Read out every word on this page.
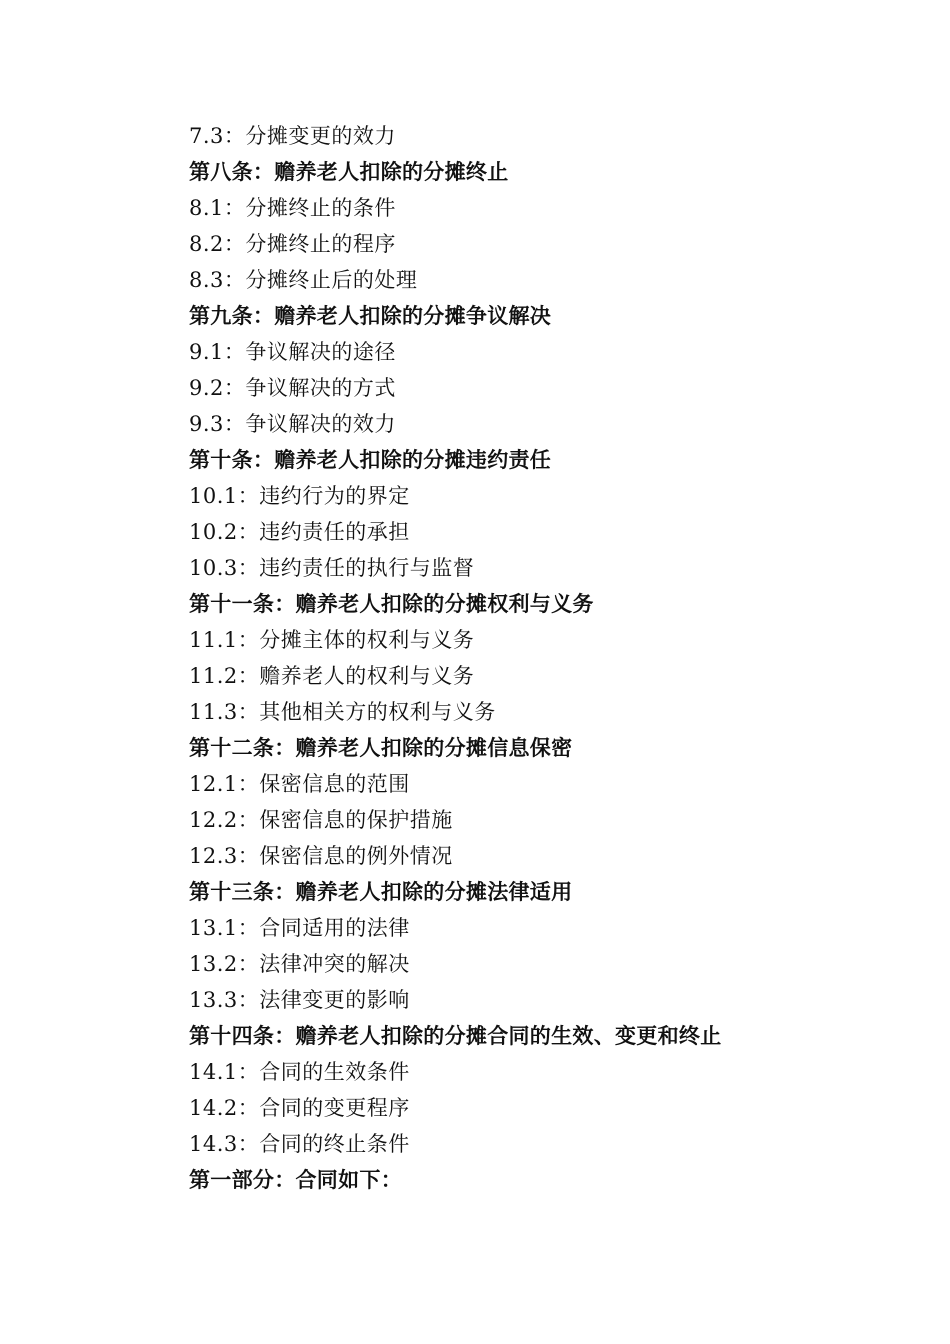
7.3：分摊变更的效力
第八条：赡养老人扣除的分摊终止
8.1：分摊终止的条件
8.2：分摊终止的程序
8.3：分摊终止后的处理
第九条：赡养老人扣除的分摊争议解决
9.1：争议解决的途径
9.2：争议解决的方式
9.3：争议解决的效力
第十条：赡养老人扣除的分摊违约责任
10.1：违约行为的界定
10.2：违约责任的承担
10.3：违约责任的执行与监督
第十一条：赡养老人扣除的分摊权利与义务
11.1：分摊主体的权利与义务
11.2：赡养老人的权利与义务
11.3：其他相关方的权利与义务
第十二条：赡养老人扣除的分摊信息保密
12.1：保密信息的范围
12.2：保密信息的保护措施
12.3：保密信息的例外情况
第十三条：赡养老人扣除的分摊法律适用
13.1：合同适用的法律
13.2：法律冲突的解决
13.3：法律变更的影响
第十四条：赡养老人扣除的分摊合同的生效、变更和终止
14.1：合同的生效条件
14.2：合同的变更程序
14.3：合同的终止条件
第一部分：合同如下：
